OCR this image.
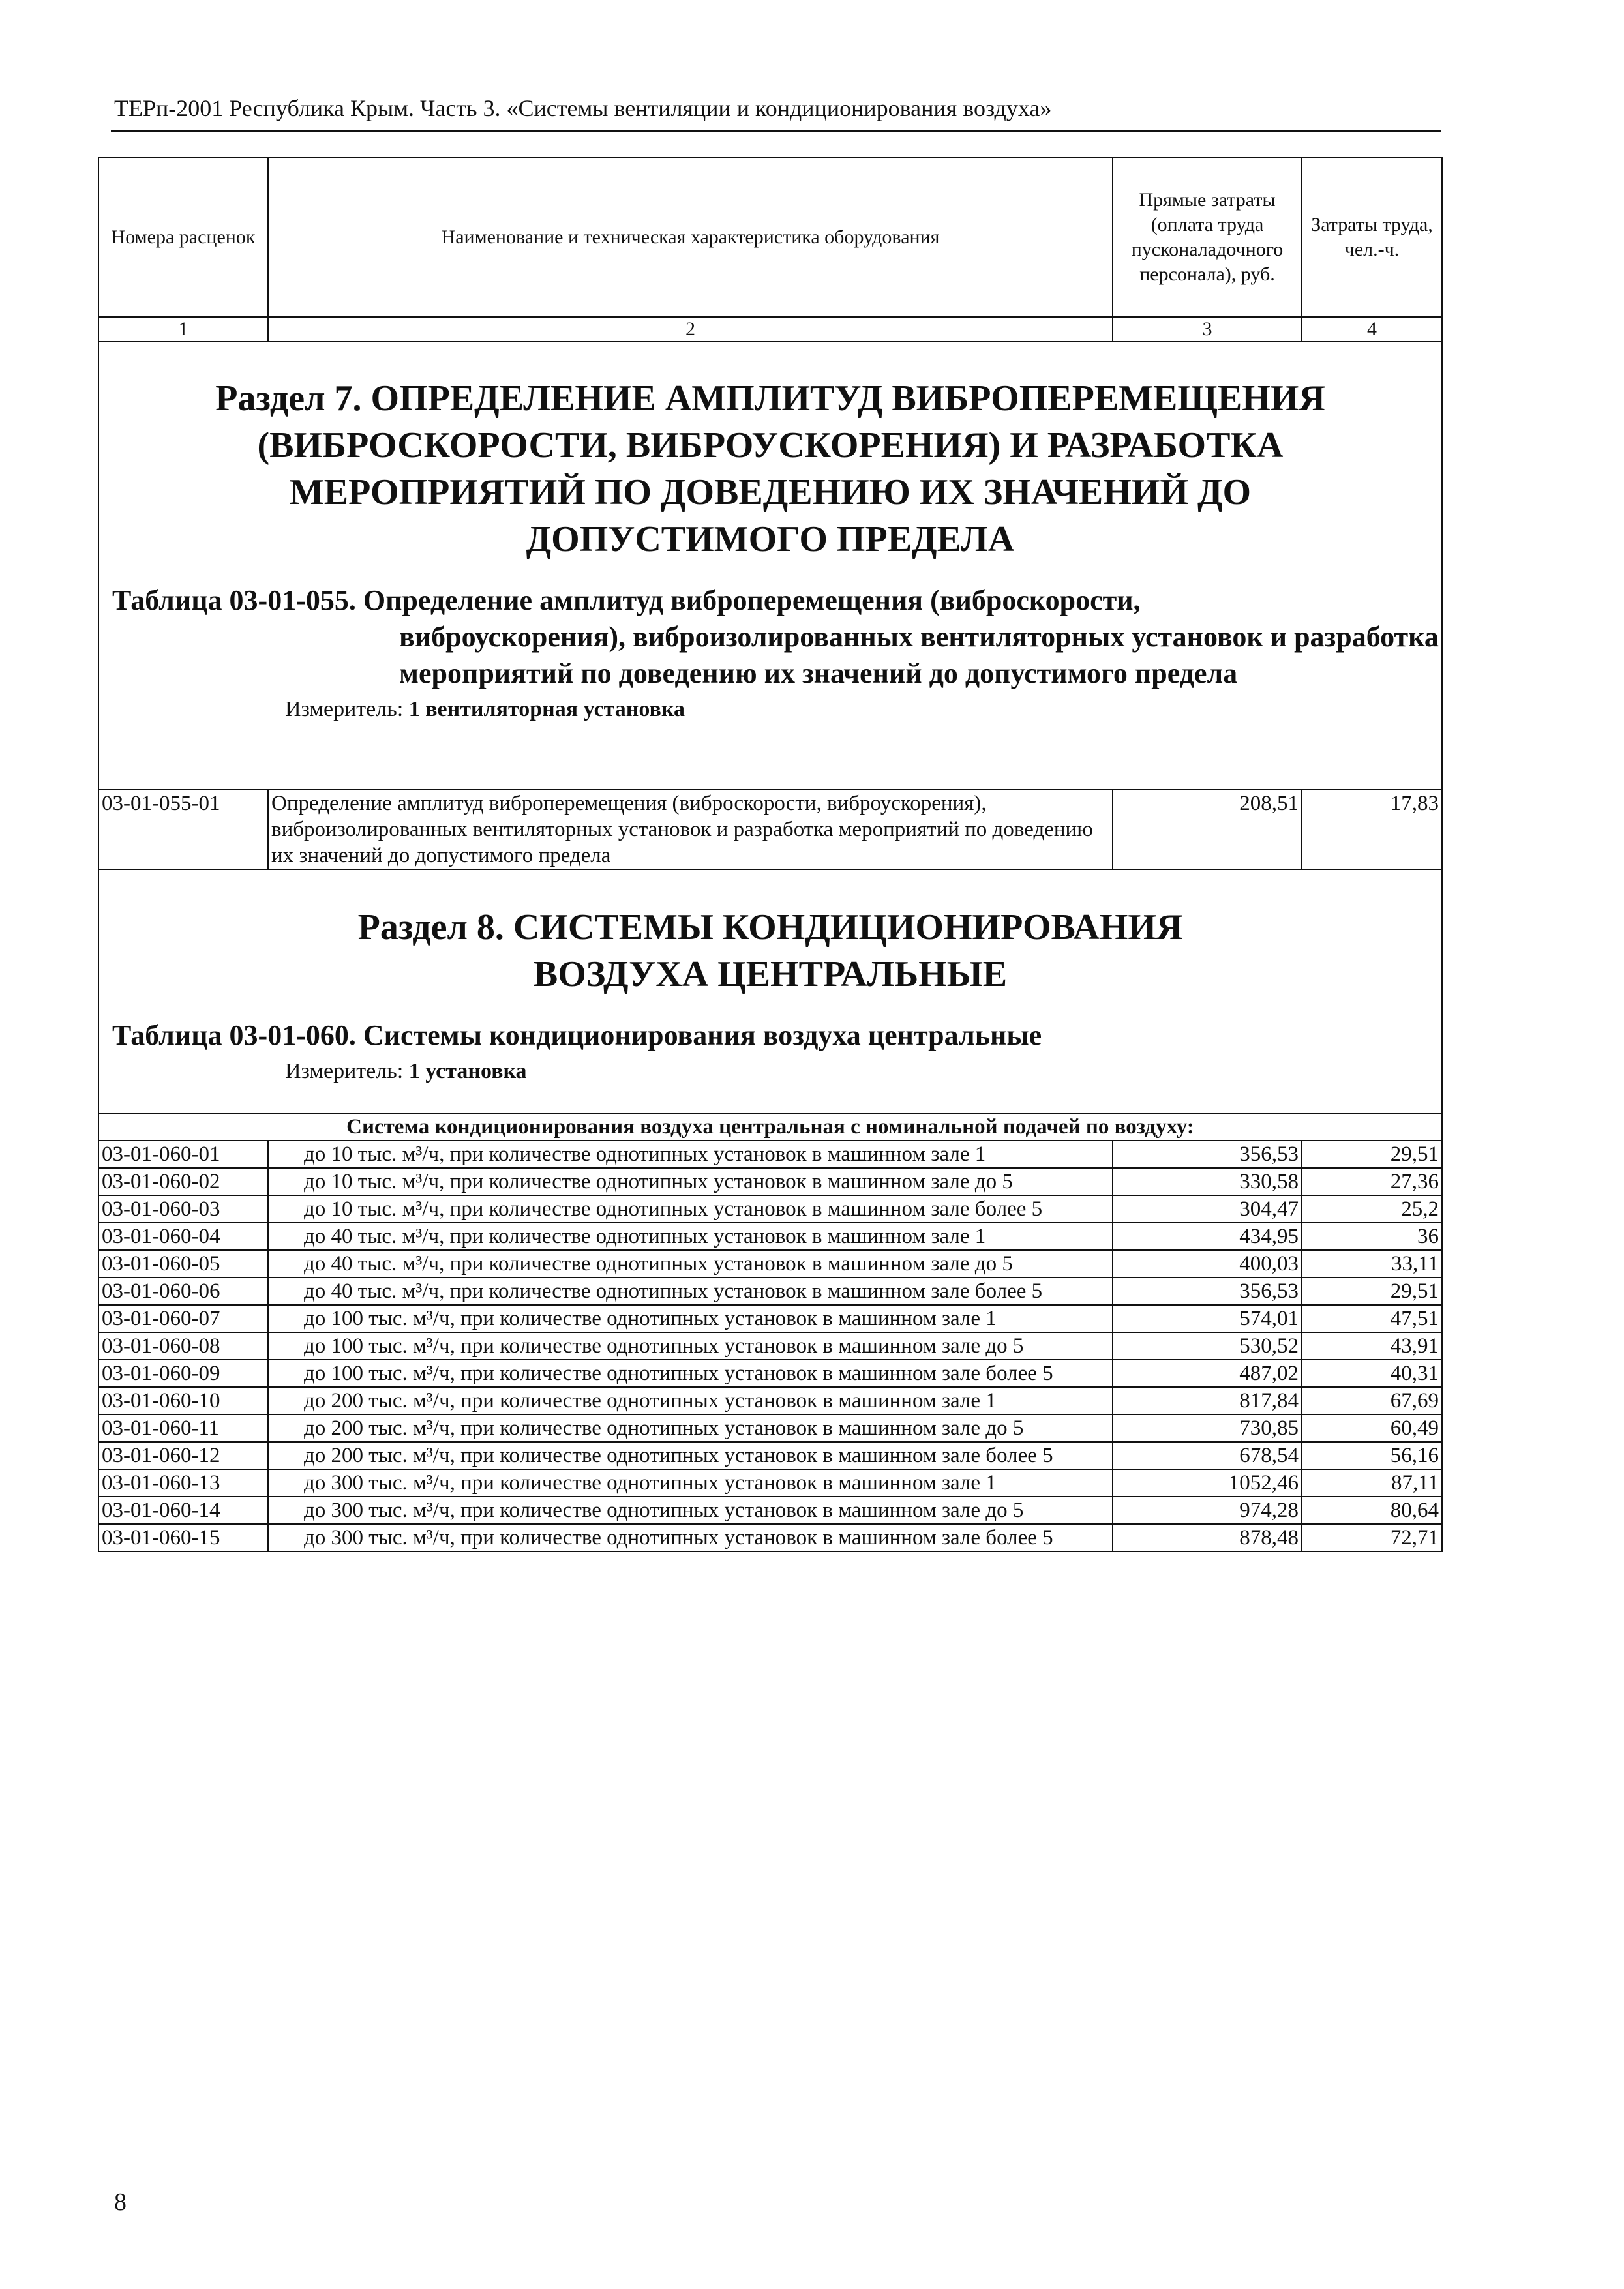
ТЕРп-2001 Республика Крым. Часть 3. «Системы вентиляции и кондиционирования воздуха»
Номера расценок	Наименование и техническая характеристика оборудования	Прямые затраты (оплата труда пусконаладочного персонала), руб.	Затраты труда, чел.-ч.
1	2	3	4

Раздел 7. ОПРЕДЕЛЕНИЕ АМПЛИТУД ВИБРОПЕРЕМЕЩЕНИЯ (ВИБРОСКОРОСТИ, ВИБРОУСКОРЕНИЯ) И РАЗРАБОТКА МЕРОПРИЯТИЙ ПО ДОВЕДЕНИЮ ИХ ЗНАЧЕНИЙ ДО ДОПУСТИМОГО ПРЕДЕЛА

Таблица 03-01-055. Определение амплитуд виброперемещения (виброскорости,
виброускорения), виброизолированных вентиляторных установок и разработка мероприятий по доведению их значений до допустимого предела

Измеритель: 1 вентиляторная установка			

03-01-055-01	Определение амплитуд виброперемещения (виброскорости, виброускорения), виброизолированных вентиляторных установок и разработка мероприятий по доведению их значений до допустимого предела	208,51	17,83

Раздел 8. СИСТЕМЫ КОНДИЦИОНИРОВАНИЯ ВОЗДУХА ЦЕНТРАЛЬНЫЕ

Таблица 03-01-060. Системы кондиционирования воздуха центральные

Измеритель: 1 установка			

Система кондиционирования воздуха центральная с номинальной подачей по воздуху:			
03-01-060-01	до 10 тыс. м³/ч, при количестве однотипных установок в машинном зале 1	356,53	29,51
03-01-060-02	до 10 тыс. м³/ч, при количестве однотипных установок в машинном зале до 5	330,58	27,36
03-01-060-03	до 10 тыс. м³/ч, при количестве однотипных установок в машинном зале более 5	304,47	25,2
03-01-060-04	до 40 тыс. м³/ч, при количестве однотипных установок в машинном зале 1	434,95	36
03-01-060-05	до 40 тыс. м³/ч, при количестве однотипных установок в машинном зале до 5	400,03	33,11
03-01-060-06	до 40 тыс. м³/ч, при количестве однотипных установок в машинном зале более 5	356,53	29,51
03-01-060-07	до 100 тыс. м³/ч, при количестве однотипных установок в машинном зале 1	574,01	47,51
03-01-060-08	до 100 тыс. м³/ч, при количестве однотипных установок в машинном зале до 5	530,52	43,91
03-01-060-09	до 100 тыс. м³/ч, при количестве однотипных установок в машинном зале более 5	487,02	40,31
03-01-060-10	до 200 тыс. м³/ч, при количестве однотипных установок в машинном зале 1	817,84	67,69
03-01-060-11	до 200 тыс. м³/ч, при количестве однотипных установок в машинном зале до 5	730,85	60,49
03-01-060-12	до 200 тыс. м³/ч, при количестве однотипных установок в машинном зале более 5	678,54	56,16
03-01-060-13	до 300 тыс. м³/ч, при количестве однотипных установок в машинном зале 1	1052,46	87,11
03-01-060-14	до 300 тыс. м³/ч, при количестве однотипных установок в машинном зале до 5	974,28	80,64
03-01-060-15	до 300 тыс. м³/ч, при количестве однотипных установок в машинном зале более 5	878,48	72,71
8
